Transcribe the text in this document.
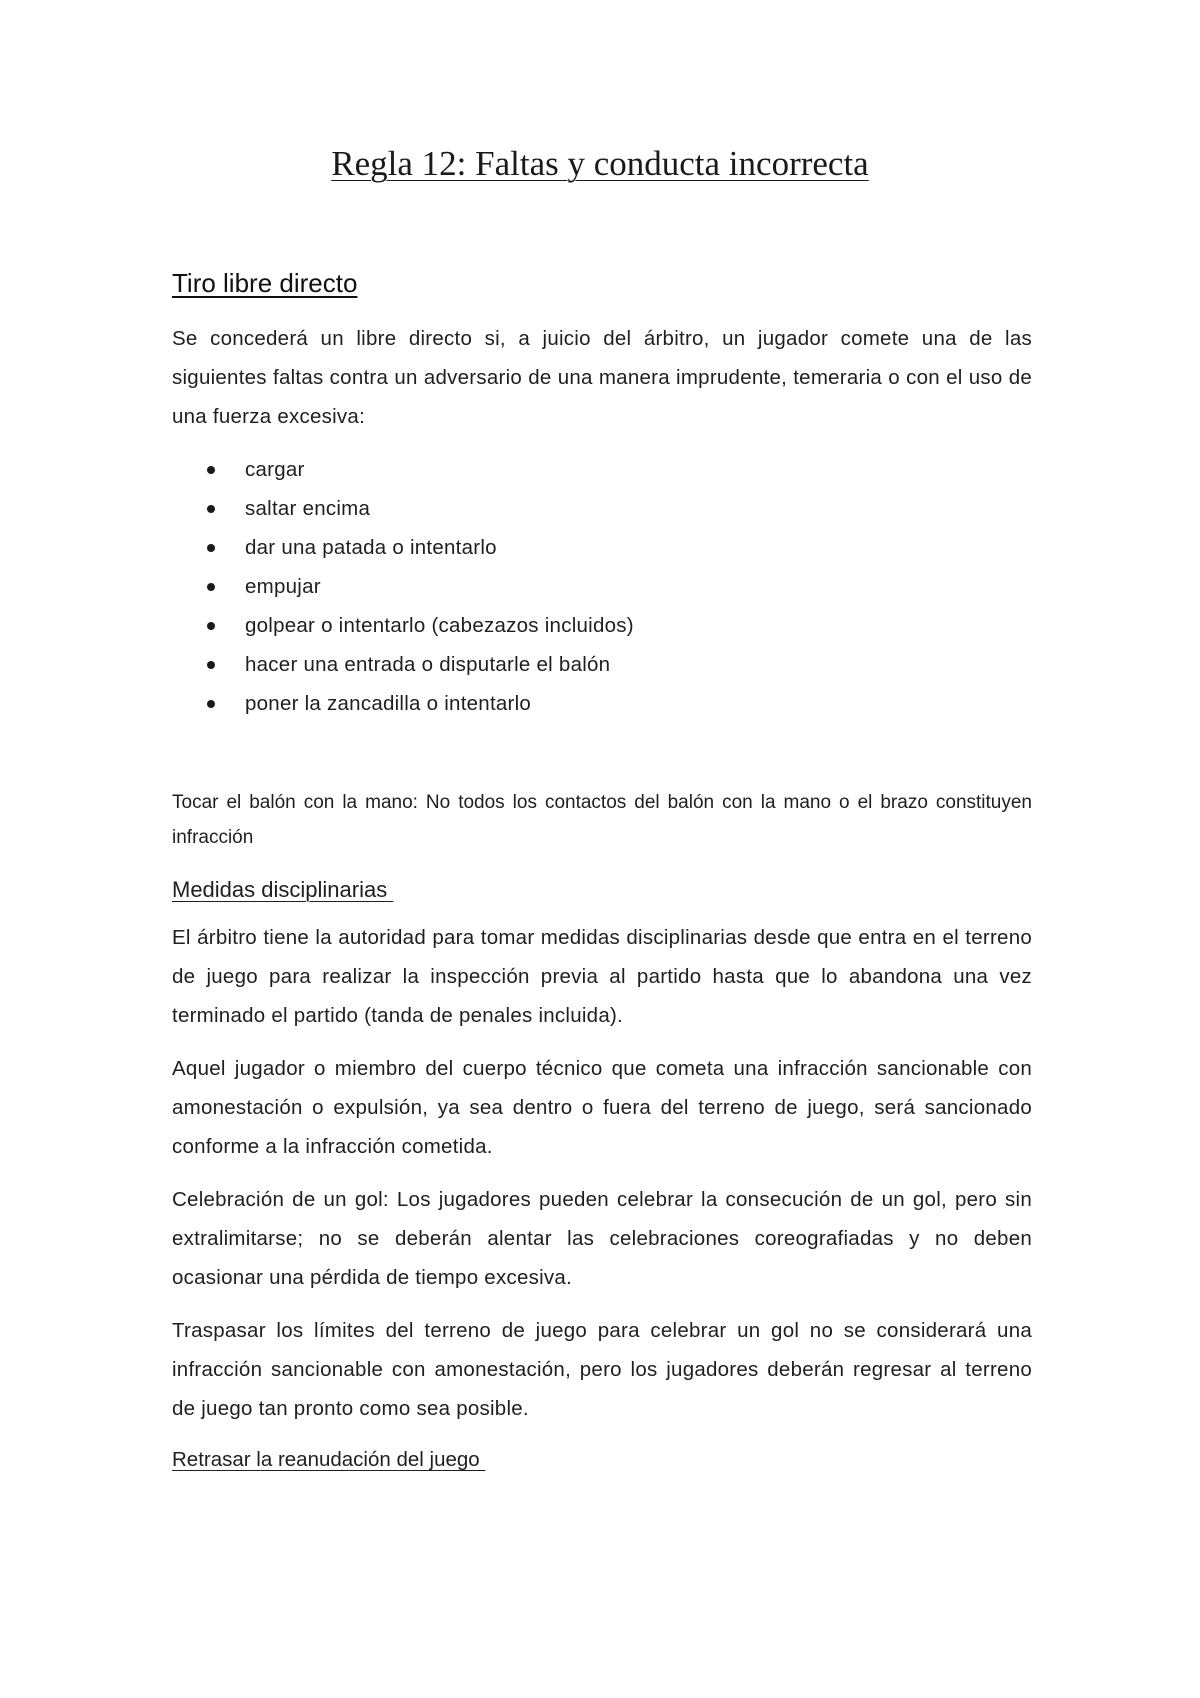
Regla 12: Faltas y conducta incorrecta
Tiro libre directo

Se concederá un libre directo si, a juicio del árbitro, un jugador comete una de las siguientes faltas contra un adversario de una manera imprudente, temeraria o con el uso de una fuerza excesiva:

cargar
saltar encima
dar una patada o intentarlo
empujar
golpear o intentarlo (cabezazos incluidos)
hacer una entrada o disputarle el balón
poner la zancadilla o intentarlo

Tocar el balón con la mano: No todos los contactos del balón con la mano o el brazo constituyen infracción

Medidas disciplinarias

El árbitro tiene la autoridad para tomar medidas disciplinarias desde que entra en el terreno de juego para realizar la inspección previa al partido hasta que lo abandona una vez terminado el partido (tanda de penales incluida).

Aquel jugador o miembro del cuerpo técnico que cometa una infracción sancionable con amonestación o expulsión, ya sea dentro o fuera del terreno de juego, será sancionado conforme a la infracción cometida.

Celebración de un gol: Los jugadores pueden celebrar la consecución de un gol, pero sin extralimitarse; no se deberán alentar las celebraciones coreografiadas y no deben ocasionar una pérdida de tiempo excesiva.

Traspasar los límites del terreno de juego para celebrar un gol no se considerará una infracción sancionable con amonestación, pero los jugadores deberán regresar al terreno de juego tan pronto como sea posible.

Retrasar la reanudación del juego
